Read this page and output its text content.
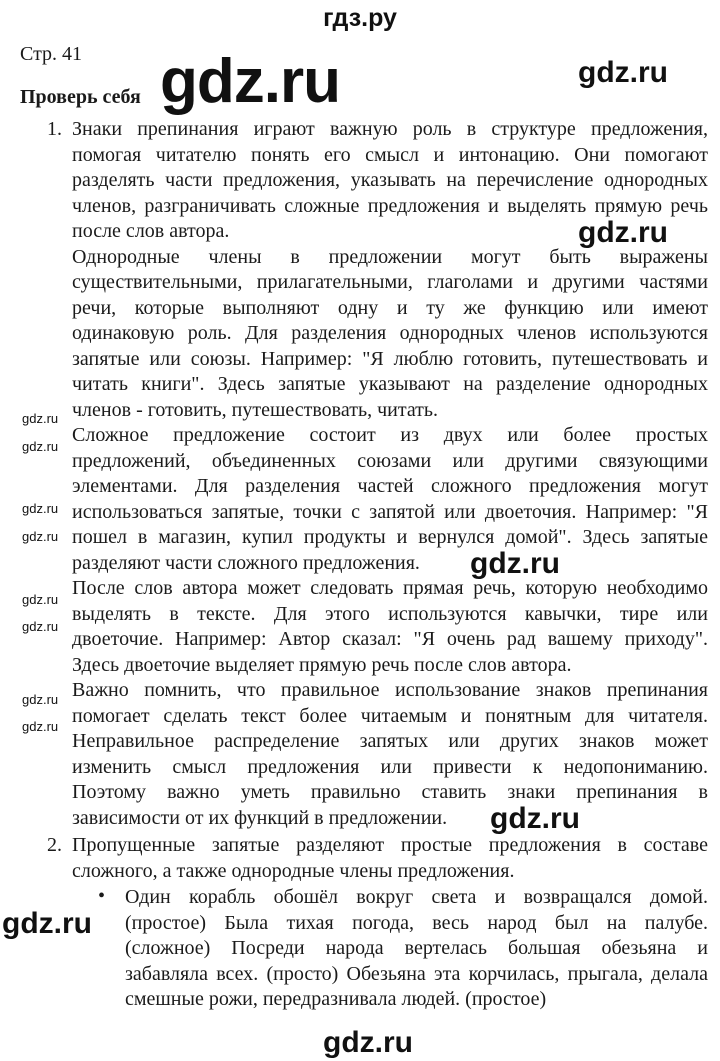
гдз.ру
Стр. 41
Проверь себя
1. Знаки препинания играют важную роль в структуре предложения,
помогая читателю понять его смысл и интонацию. Они помогают
разделять части предложения, указывать на перечисление однородных
членов, разграничивать сложные предложения и выделять прямую речь
после слов автора.
Однородные члены в предложении могут быть выражены
существительными, прилагательными, глаголами и другими частями
речи, которые выполняют одну и ту же функцию или имеют
одинаковую роль. Для разделения однородных членов используются
запятые или союзы. Например: "Я люблю готовить, путешествовать и
читать книги". Здесь запятые указывают на разделение однородных
членов - готовить, путешествовать, читать.
Сложное предложение состоит из двух или более простых
предложений, объединенных союзами или другими связующими
элементами. Для разделения частей сложного предложения могут
использоваться запятые, точки с запятой или двоеточия. Например: "Я
пошел в магазин, купил продукты и вернулся домой". Здесь запятые
разделяют части сложного предложения.
После слов автора может следовать прямая речь, которую необходимо
выделять в тексте. Для этого используются кавычки, тире или
двоеточие. Например: Автор сказал: "Я очень рад вашему приходу".
Здесь двоеточие выделяет прямую речь после слов автора.
Важно помнить, что правильное использование знаков препинания
помогает сделать текст более читаемым и понятным для читателя.
Неправильное распределение запятых или других знаков может
изменить смысл предложения или привести к недопониманию.
Поэтому важно уметь правильно ставить знаки препинания в
зависимости от их функций в предложении.
2. Пропущенные запятые разделяют простые предложения в составе
сложного, а также однородные члены предложения.
• Один корабль обошёл вокруг света и возвращался домой.
(простое) Была тихая погода, весь народ был на палубе.
(сложное) Посреди народа вертелась большая обезьяна и
забавляла всех. (просто) Обезьяна эта корчилась, прыгала, делала
смешные рожи, передразнивала людей. (простое)
gdz.ru	gdz.ru
gdz.ru
gdz.ru
gdz.ru
gdz.ru
gdz.ru
gdz.ru
gdz.ru
gdz.ru
gdz.ru
gdz.ru
gdz.ru
gdz.ru
gdz.ru
